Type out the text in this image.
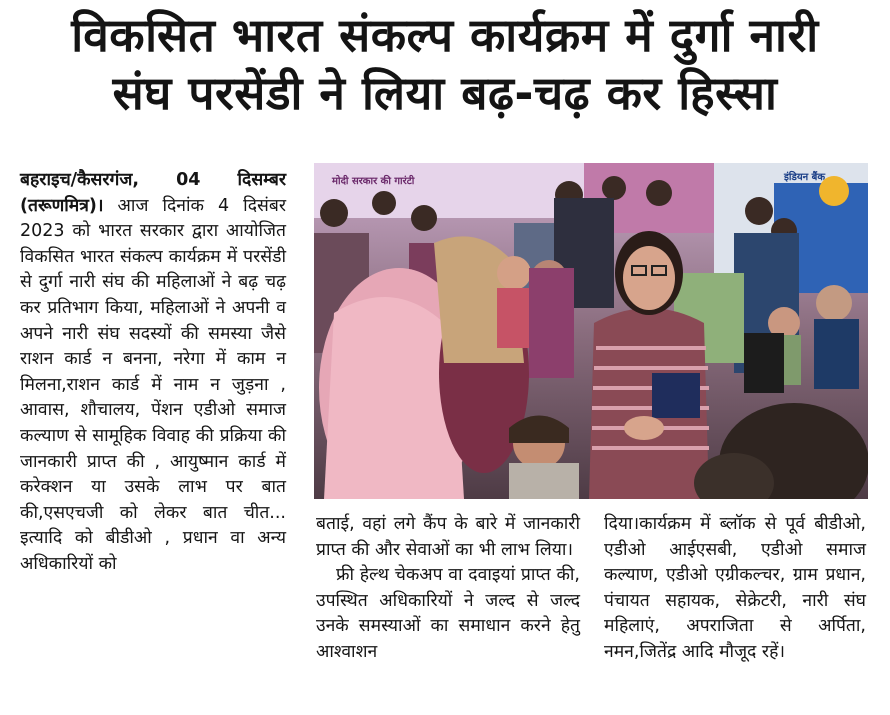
विकसित भारत संकल्प कार्यक्रम में दुर्गा नारी
संघ परसेंडी ने लिया बढ़-चढ़ कर हिस्सा

बहराइच/कैसरगंज, 04 दिसम्बर (तरूणमित्र)। आज दिनांक 4 दिसंबर 2023 को भारत सरकार द्वारा आयोजित विकसित भारत संकल्प कार्यक्रम में परसेंडी से दुर्गा नारी संघ की महिलाओं ने बढ़ चढ़ कर प्रतिभाग किया, महिलाओं ने अपनी व अपने नारी संघ सदस्यों की समस्या जैसे राशन कार्ड न बनना, नरेगा में काम न मिलना,राशन कार्ड में नाम न जुड़ना , आवास, शौचालय, पेंशन एडीओ समाज कल्याण से सामूहिक विवाह की प्रक्रिया की जानकारी प्राप्त की , आयुष्मान कार्ड में करेक्शन या उसके लाभ पर बात की,एसएचजी को लेकर बात चीत... इत्यादि को बीडीओ , प्रधान वा अन्य अधिकारियों को

मोदी सरकार की गारंटी	इंडियन बैंक

बताई, वहां लगे कैंप के बारे में जानकारी प्राप्त की और सेवाओं का भी लाभ लिया।

फ्री हेल्थ चेकअप वा दवाइयां प्राप्त की, उपस्थित अधिकारियों ने जल्द से जल्द उनके समस्याओं का समाधान करने हेतु आश्वाशन

दिया।कार्यक्रम में ब्लॉक से पूर्व बीडीओ, एडीओ आईएसबी, एडीओ समाज कल्याण, एडीओ एग्रीकल्चर, ग्राम प्रधान, पंचायत सहायक, सेक्रेटरी, नारी संघ महिलाएं, अपराजिता से अर्पिता, नमन,जितेंद्र आदि मौजूद रहें।
